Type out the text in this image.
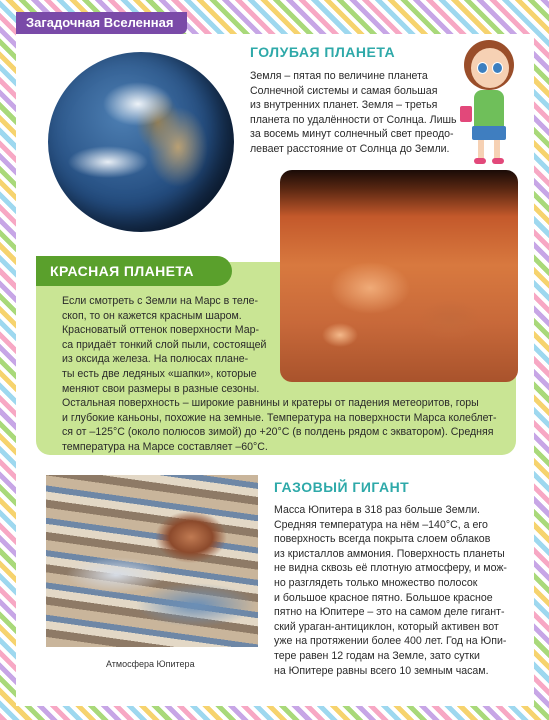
Загадочная Вселенная
ГОЛУБАЯ ПЛАНЕТА
Земля – пятая по величине планета
Солнечной системы и самая большая
из внутренних планет. Земля – третья
планета по удалённости от Солнца. Лишь
за восемь минут солнечный свет преодо-
левает расстояние от Солнца до Земли.
КРАСНАЯ ПЛАНЕТА
Если смотреть с Земли на Марс в теле-
скоп, то он кажется красным шаром.
Красноватый оттенок поверхности Мар-
са придаёт тонкий слой пыли, состоящей
из оксида железа. На полюсах плане-
ты есть две ледяных «шапки», которые
меняют свои размеры в разные сезоны.
Остальная поверхность – широкие равнины и кратеры от падения метеоритов, горы
и глубокие каньоны, похожие на земные. Температура на поверхности Марса колеблет-
ся от –125°С (около полюсов зимой) до +20°С (в полдень рядом с экватором). Средняя
температура на Марсе составляет –60°С.
Атмосфера Юпитера
ГАЗОВЫЙ ГИГАНТ
Масса Юпитера в 318 раз больше Земли.
Средняя температура на нём –140°С, а его
поверхность всегда покрыта слоем облаков
из кристаллов аммония. Поверхность планеты
не видна сквозь её плотную атмосферу, и мож-
но разглядеть только множество полосок
и большое красное пятно. Большое красное
пятно на Юпитере – это на самом деле гигант-
ский ураган-антициклон, который активен вот
уже на протяжении более 400 лет. Год на Юпи-
тере равен 12 годам на Земле, зато сутки
на Юпитере равны всего 10 земным часам.
